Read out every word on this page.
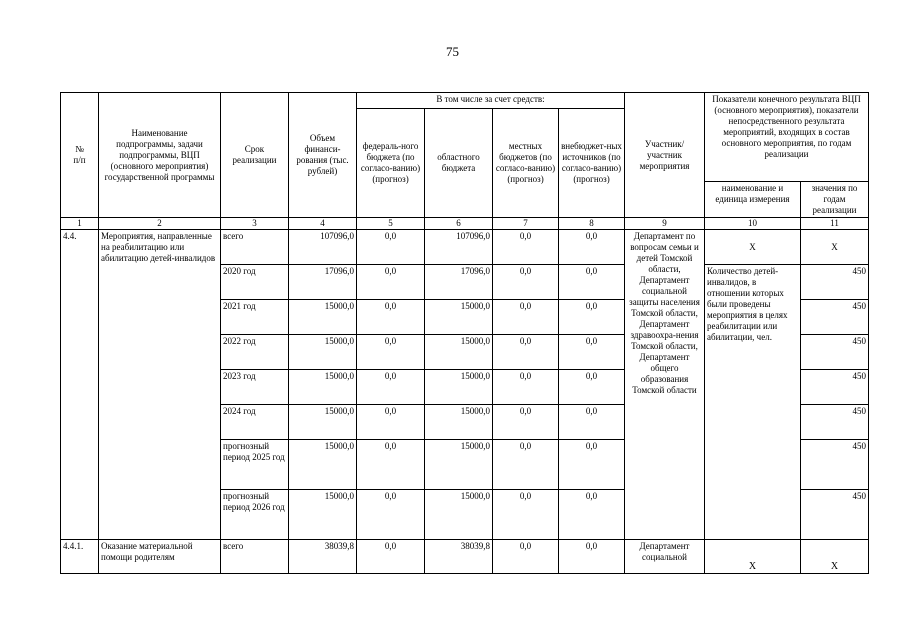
75
№
п/п	Наименование подпрограммы, задачи подпрограммы, ВЦП (основного мероприятия) государственной программы	Срок реализации	Объем финанси-рования (тыс. рублей)	В том числе за счет средств:				Участник/ участник мероприятия	Показатели конечного результата ВЦП (основного мероприятия), показатели непосредственного результата мероприятий, входящих в состав основного мероприятия, по годам реализации	
				федераль-ного бюджета (по согласо-ванию) (прогноз)	областного бюджета	местных бюджетов (по согласо-ванию) (прогноз)	внебюджет-ных источников (по согласо-ванию) (прогноз)			
									наименование и единица измерения	значения по годам реализации
1	2	3	4	5	6	7	8	9	10	11
4.4.	Мероприятия, направленные на реабилитацию или абилитацию детей-инвалидов	всего	107096,0	0,0	107096,0	0,0	0,0	Департамент по вопросам семьи и детей Томской области, Департамент социальной защиты населения Томской области, Департамент здравоохра-нения Томской области, Департамент общего образования Томской области	Х	Х
		2020 год	17096,0	0,0	17096,0	0,0	0,0		Количество детей-инвалидов, в отношении которых были проведены мероприятия в целях реабилитации или абилитации, чел.	450
		2021 год	15000,0	0,0	15000,0	0,0	0,0			450
		2022 год	15000,0	0,0	15000,0	0,0	0,0			450
		2023 год	15000,0	0,0	15000,0	0,0	0,0			450
		2024 год	15000,0	0,0	15000,0	0,0	0,0			450
		прогнозный период 2025 год	15000,0	0,0	15000,0	0,0	0,0			450
		прогнозный период 2026 год	15000,0	0,0	15000,0	0,0	0,0			450
4.4.1.	Оказание материальной помощи родителям	всего	38039,8	0,0	38039,8	0,0	0,0	Департамент социальной	Х	Х
